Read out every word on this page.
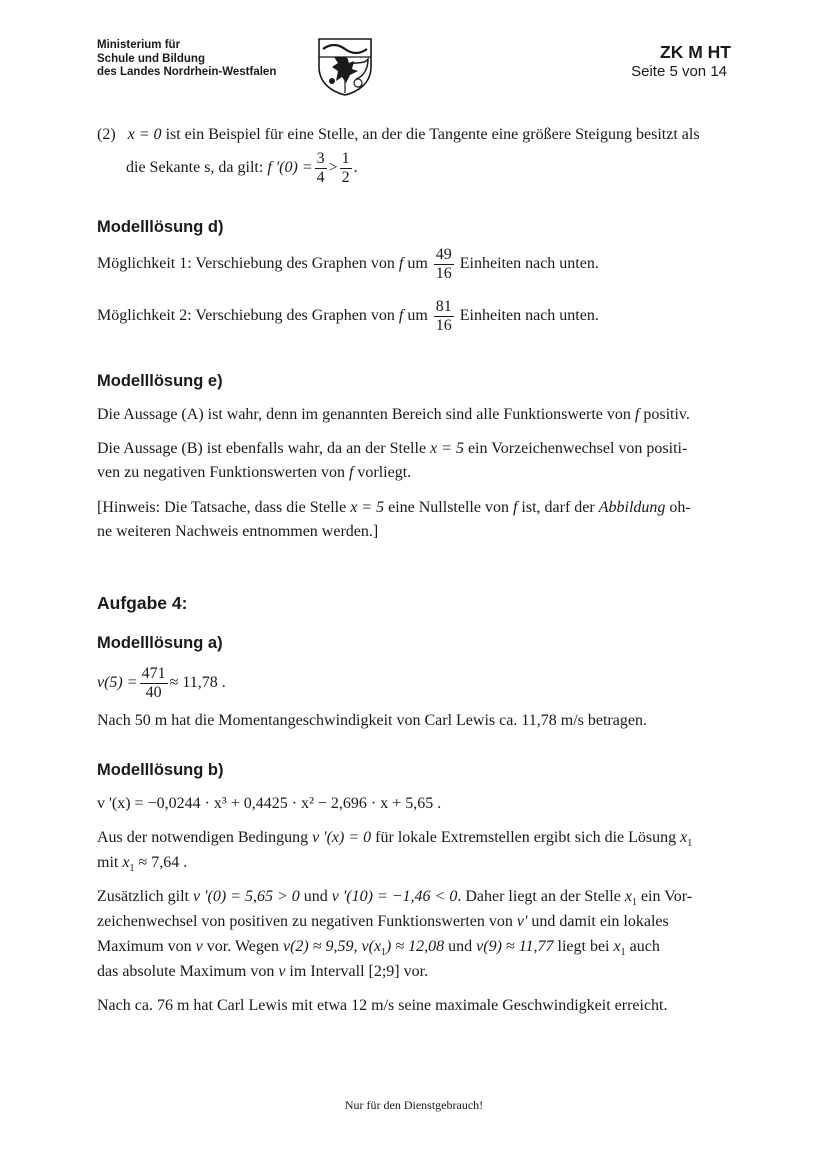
Ministerium für
Schule und Bildung
des Landes Nordrhein-Westfalen
ZK M HT
Seite 5 von 14
(2) x = 0 ist ein Beispiel für eine Stelle, an der die Tangente eine größere Steigung besitzt als
die Sekante s, da gilt: f '$(0) = \frac{3}{4} > \frac{1}{2}$ .
Modelllösung d)
Möglichkeit 1: Verschiebung des Graphen von f um $\frac{49}{16}$ Einheiten nach unten.
Möglichkeit 2: Verschiebung des Graphen von f um $\frac{81}{16}$ Einheiten nach unten.
Modelllösung e)
Die Aussage (A) ist wahr, denn im genannten Bereich sind alle Funktionswerte von f positiv.
Die Aussage (B) ist ebenfalls wahr, da an der Stelle x = 5 ein Vorzeichenwechsel von positi-
ven zu negativen Funktionswerten von f vorliegt.
[Hinweis: Die Tatsache, dass die Stelle x = 5 eine Nullstelle von f ist, darf der Abbildung oh-
ne weiteren Nachweis entnommen werden.]
Aufgabe 4:
Modelllösung a)
$v(5) = \frac{471}{40} \approx 11,78$ .
Nach 50 m hat die Momentangeschwindigkeit von Carl Lewis ca. 11,78 m/s betragen.
Modelllösung b)
v '(x) = −0,0244 · x³ + 0,4425 · x² − 2,696 · x + 5,65 .
Aus der notwendigen Bedingung v '(x) = 0 für lokale Extremstellen ergibt sich die Lösung $x_1$
mit $x_1 \approx 7,64$ .
Zusätzlich gilt v '(0) = 5,65 > 0 und v '(10) = −1,46 < 0. Daher liegt an der Stelle $x_1$ ein Vor-
zeichenwechsel von positiven zu negativen Funktionswerten von v' und damit ein lokales
Maximum von v vor. Wegen v(2) ≈ 9,59, $v(x_1) \approx 12,08$ und v(9) ≈ 11,77 liegt bei $x_1$ auch
das absolute Maximum von v im Intervall [2;9] vor.
Nach ca. 76 m hat Carl Lewis mit etwa 12 m/s seine maximale Geschwindigkeit erreicht.
Nur für den Dienstgebrauch!
